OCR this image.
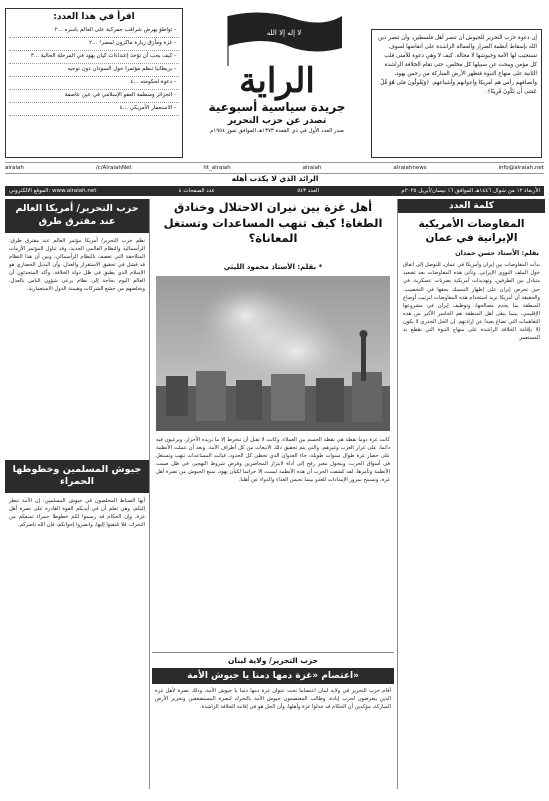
إن دعوة حزب التحرير للجيوش أن تنصر أهل فلسطين، وأن تنصر دين الله بإسقاط أنظمة الضرار والعمالة الراشدة على أنقاضها لسوف تستجيب لها الأمة وجيوشها لا محالة. كيف لا وهي دعوة للأمنى قلب كل مؤمن ويبحث عن سبيلها كل مخلص، حتى تقام الخلافة الراشدة الثانية على منهاج النبوة فتظهر الأرض المباركة من رجس يهود، وأنصافهم رأس هم أمريكا وأعوانهم وأشياعهم. ﴿وَيَقُولُونَ مَتَى هُوَ قُلْ عَسَى أَن يَكُونَ قَرِيبًا﴾.
لا إله إلا الله
الراية
جريدة سياسية أسبوعية
تصدر عن حزب التحرير
صدر العدد الأول في ذي القعدة ١٣٧٣هـ الموافق تموز ١٩٥٤م
اقرأ في هذا العدد:
- تواطؤ يهرض شراقب جمركية على العالم باسره ...٢
- غزة ومأزق زيارة ماكرون لمصر! ...٢
- كيف يجب أن تؤخذ إعتداءات كيان يهود في المرحلة الحالية ...٣
- بريطانيا تنظم مؤتمرا حول السودان دون توجيه
- دعوة لحكومته ...٤
- الجزائر ومنظمة العفو الإسلامي في عين عاصفة
- الاستعمار الأمريكي ...٤
alraiah	/c/AlraiahNet	ht_alraiah	alraiah	alraiahnews	info@alraiah.net
الرائد الذي لا يكذب أهله
الموقع الالكتروني: www.alraiah.net	عدد الصفحات ٤	العدد ٥٤٣	الأربعاء ١٢ من شوال ١٤٤٦هـ الموافق ١٦ نيسان/أبريل ٢٠٢٥م
كلمة العدد
المفاوضات الأمريكية الإيرانية في عمان
بقلم: الأستاذ حسن حمدان
بدأت المفاوضات بين إيران وأمريكا في عمان، للتوصل إلى اتفاق حول الملف النووي الإيراني. وتأتي هذه المفاوضات بعد تصعيد متبادل بين الطرفين، وتهديدات أمريكية بضربات عسكرية، في حين تحرص إيران على إظهار التمسك بحقها في التخصيب. والحقيقة أن أمريكا تريد استخدام هذه المفاوضات لترتيب أوضاع المنطقة بما يخدم مصالحها، وتوظيف إيران في مشروعها الإقليمي، بينما يبقى أهل المنطقة هم الخاسر الأكبر من هذه التفاهمات التي تصاغ بعيدا عن إرادتهم. إن الحل الجذري لا يكون إلا بإقامة الخلافة الراشدة على منهاج النبوة التي تقطع يد المستعمر.
حزب التحرير/ أمريكا العالم عند مفترق طرق
نظم حزب التحرير/ أمريكا مؤتمر العالم عند مفترق طرق: الرأسمالية والنظام العالمي الجديد، وقد تناول المؤتمر الأزمات المتلاحقة التي تعصف بالنظام الرأسمالي، وبين أن هذا النظام قد فشل في تحقيق الاستقرار والعدل، وأن البديل الحضاري هو الإسلام الذي يطبق في ظل دولة الخلافة. وأكد المتحدثون أن العالم اليوم بحاجة إلى نظام يرعى شؤون الناس بالعدل، ويخلصهم من جشع الشركات وهيمنة الدول الاستعمارية.
جيوش المسلمين وخطوطها الحمراء
أيها الضباط المخلصون في جيوش المسلمين: إن الأمة تنظر إليكم، وهي تعلم أن في أيديكم القوة القادرة على نصرة أهل غزة، وإن الحكام قد رسموا لكم خطوطا حمراء تمنعكم من التحرك، فلا تلتفتوا إليها، وانصروا إخوانكم، فإن الله ناصركم.
أهل غزة بين نيران الاحتلال وخنادق الطغاة! كيف تنهب المساعدات وتستغل المعاناة؟
بقلم: الأستاذ محمود الليثي *
كانت غزة دوما نقطة هي نقطة الحسم بين العملاء، وكانت لا تقبل أن تنخرط إلا ما يريده الأحرار، ويرغبون فيه دائما، على غرار العرب وغيرهم، والتي يتم تحقيق ذلك الانبعاث من كل أطراف الأمة. وبعد أن عملت الأنظمة على حصار غزة طوال سنوات طويلة، جاء العدوان الذي تخطى كل الحدود، فباتت المساعدات تنهب وتستغل في أسواق الحرب، ويتحول معبر رفح إلى أداة لابتزاز المحاصرين وفرض شروط التهجير، في ظل صمت الأنظمة وتآمرها. لقد كشفت الحرب أن هذه الأنظمة ليست إلا حراسا لكيان يهود، تمنع الجيوش من نصرة أهل غزة، وتسمح بمرور الإمدادات للعدو بينما تحبس الغذاء والدواء عن أهلنا.
حزب التحرير/ ولاية لبنان
اعتصام «غزة دمها دمنا يا جيوش الأمة»
أقام حزب التحرير في ولاية لبنان اعتصاما تحت عنوان غزة دمها دمنا يا جيوش الأمة، وذلك نصرة لأهل غزة الذين يتعرضون لحرب إبادة، وطالب المعتصمون جيوش الأمة بالتحرك لنصرة المستضعفين وتحرير الأرض المباركة، مؤكدين أن الحكام قد خذلوا غزة وأهلها، وأن الحل هو في إقامة الخلافة الراشدة.
